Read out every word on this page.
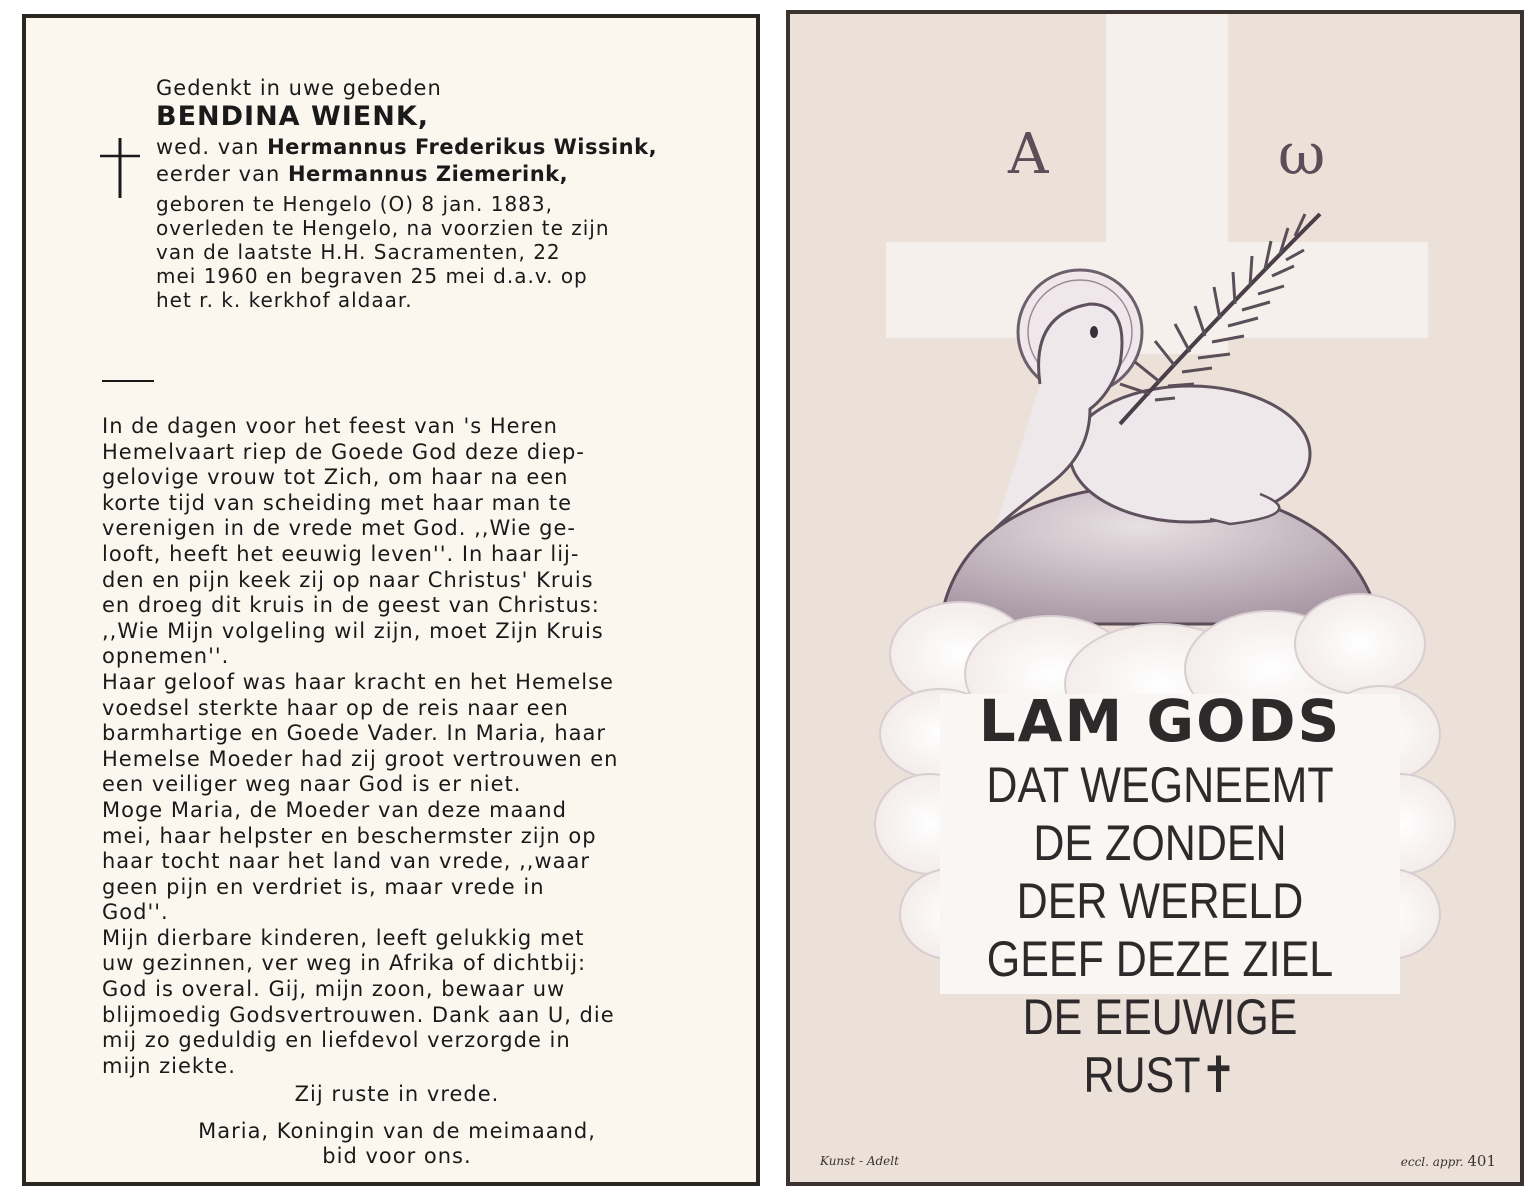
Gedenkt in uwe gebeden
BENDINA WIENK,
wed. van Hermannus Frederikus Wissink,
eerder van Hermannus Ziemerink,
geboren te Hengelo (O) 8 jan. 1883,
overleden te Hengelo, na voorzien te zijn
van de laatste H.H. Sacramenten, 22
mei 1960 en begraven 25 mei d.a.v. op
het r. k. kerkhof aldaar.

In de dagen voor het feest van 's Heren

Hemelvaart riep de Goede God deze diep-

gelovige vrouw tot Zich, om haar na een

korte tijd van scheiding met haar man te

verenigen in de vrede met God. ,,Wie ge-

looft, heeft het eeuwig leven''. In haar lij-

den en pijn keek zij op naar Christus' Kruis

en droeg dit kruis in de geest van Christus:

,,Wie Mijn volgeling wil zijn, moet Zijn Kruis

opnemen''.

Haar geloof was haar kracht en het Hemelse

voedsel sterkte haar op de reis naar een

barmhartige en Goede Vader. In Maria, haar

Hemelse Moeder had zij groot vertrouwen en

een veiliger weg naar God is er niet.

Moge Maria, de Moeder van deze maand

mei, haar helpster en beschermster zijn op

haar tocht naar het land van vrede, ,,waar

geen pijn en verdriet is, maar vrede in

God''.

Mijn dierbare kinderen, leeft gelukkig met

uw gezinnen, ver weg in Afrika of dichtbij:

God is overal. Gij, mijn zoon, bewaar uw

blijmoedig Godsvertrouwen. Dank aan U, die

mij zo geduldig en liefdevol verzorgde in

mijn ziekte.

Zij ruste in vrede.
Maria, Koningin van de meimaand,
bid voor ons.
A	ω
LAM GODS
DAT WEGNEEMT
DE ZONDEN
DER WERELD
GEEF DEZE ZIEL
DE EEUWIGE RUST✝
Kunst - Adelt	eccl. appr. 401
